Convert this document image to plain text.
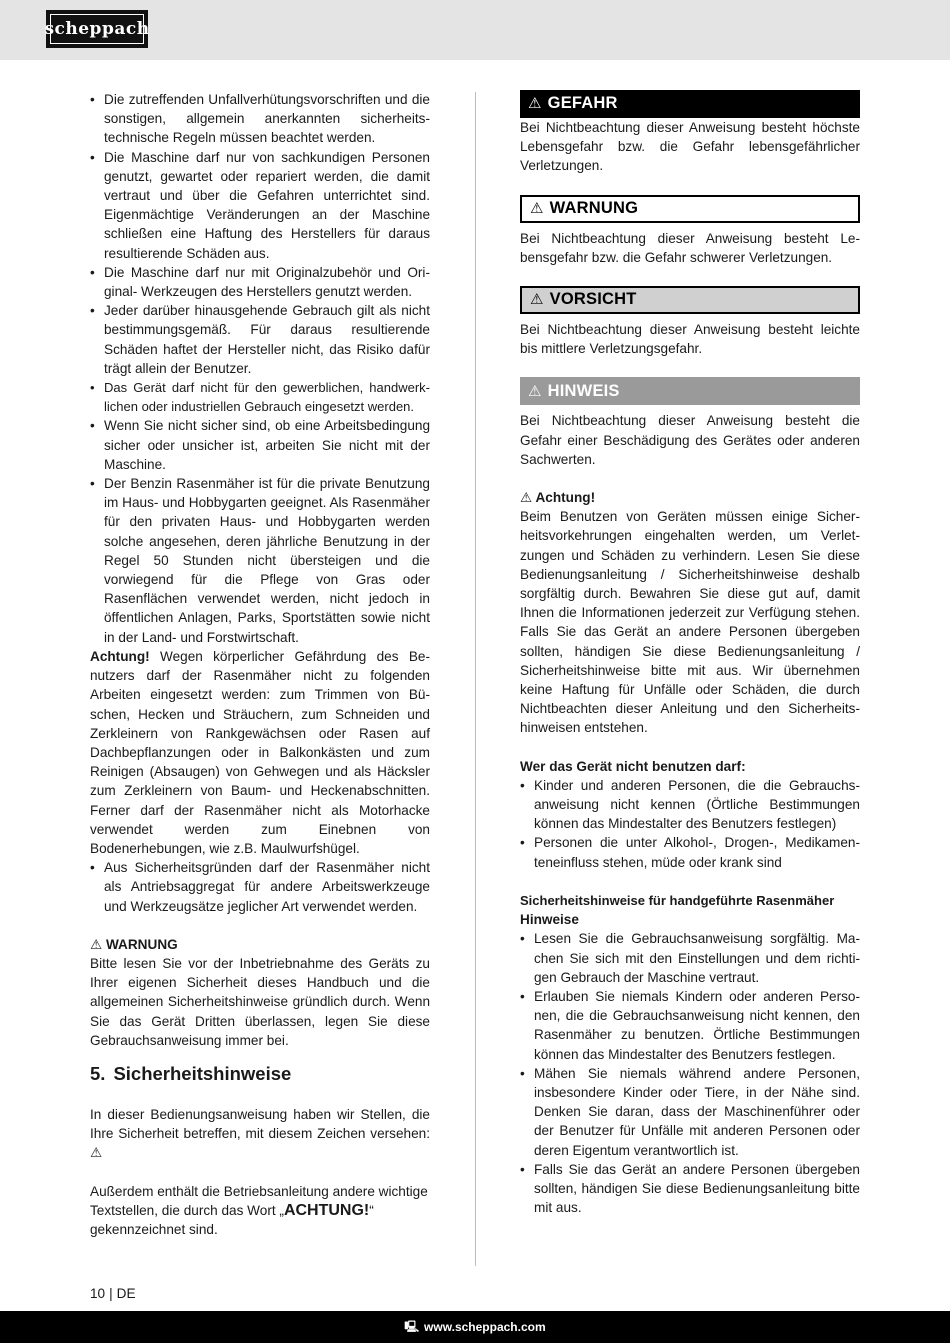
scheppach
• Die zutreffenden Unfallverhütungsvorschriften und die sonstigen, allgemein anerkannten sicherheitstechnische Regeln müssen beachtet werden.
• Die Maschine darf nur von sachkundigen Personen genutzt, gewartet oder repariert werden, die damit vertraut und über die Gefahren unterrichtet sind. Eigenmächtige Veränderungen an der Maschine schließen eine Haftung des Herstellers für daraus resultierende Schäden aus.
• Die Maschine darf nur mit Originalzubehör und Original- Werkzeugen des Herstellers genutzt werden.
• Jeder darüber hinausgehende Gebrauch gilt als nicht bestimmungsgemäß. Für daraus resultierende Schäden haftet der Hersteller nicht, das Risiko dafür trägt allein der Benutzer.
• Das Gerät darf nicht für den gewerblichen, handwerklichen oder industriellen Gebrauch eingesetzt werden.
• Wenn Sie nicht sicher sind, ob eine Arbeitsbedingung sicher oder unsicher ist, arbeiten Sie nicht mit der Maschine.
• Der Benzin Rasenmäher ist für die private Benutzung im Haus- und Hobbygarten geeignet. Als Rasenmäher für den privaten Haus- und Hobbygarten werden solche angesehen, deren jährliche Benutzung in der Regel 50 Stunden nicht übersteigen und die vorwiegend für die Pflege von Gras oder Rasenflächen verwendet werden, nicht jedoch in öffentlichen Anlagen, Parks, Sportstätten sowie nicht in der Land- und Forstwirtschaft.

Achtung! Wegen körperlicher Gefährdung des Benutzers darf der Rasenmäher nicht zu folgenden Arbeiten eingesetzt werden: zum Trimmen von Büschen, Hecken und Sträuchern, zum Schneiden und Zerkleinern von Rankgewächsen oder Rasen auf Dachbepflanzungen oder in Balkonkästen und zum Reinigen (Absaugen) von Gehwegen und als Häcksler zum Zerkleinern von Baum- und Heckenabschnitten. Ferner darf der Rasenmäher nicht als Motorhacke verwendet werden zum Einebnen von Bodenerhebungen, wie z.B. Maulwurfshügel.

• Aus Sicherheitsgründen darf der Rasenmäher nicht als Antriebsaggregat für andere Arbeitswerkzeuge und Werkzeugsätze jeglicher Art verwendet werden.
⚠ WARNUNG

Bitte lesen Sie vor der Inbetriebnahme des Geräts zu Ihrer eigenen Sicherheit dieses Handbuch und die allgemeinen Sicherheitshinweise gründlich durch. Wenn Sie das Gerät Dritten überlassen, legen Sie diese Gebrauchsanweisung immer bei.

5. Sicherheitshinweise

In dieser Bedienungsanweisung haben wir Stellen, die Ihre Sicherheit betreffen, mit diesem Zeichen versehen: ⚠

Außerdem enthält die Betriebsanleitung andere wichtige Textstellen, die durch das Wort „ACHTUNG!“ gekennzeichnet sind.

⚠ GEFAHR

Bei Nichtbeachtung dieser Anweisung besteht höchste Lebensgefahr bzw. die Gefahr lebensgefährlicher Verletzungen.

⚠ WARNUNG

Bei Nichtbeachtung dieser Anweisung besteht Lebensgefahr bzw. die Gefahr schwerer Verletzungen.

⚠ VORSICHT

Bei Nichtbeachtung dieser Anweisung besteht leichte bis mittlere Verletzungsgefahr.

⚠ HINWEIS

Bei Nichtbeachtung dieser Anweisung besteht die Gefahr einer Beschädigung des Gerätes oder anderen Sachwerten.

⚠ Achtung!

Beim Benutzen von Geräten müssen einige Sicherheitsvorkehrungen eingehalten werden, um Verletzungen und Schäden zu verhindern. Lesen Sie diese Bedienungsanleitung / Sicherheitshinweise deshalb sorgfältig durch. Bewahren Sie diese gut auf, damit Ihnen die Informationen jederzeit zur Verfügung stehen. Falls Sie das Gerät an andere Personen übergeben sollten, händigen Sie diese Bedienungsanleitung / Sicherheitshinweise bitte mit aus. Wir übernehmen keine Haftung für Unfälle oder Schäden, die durch Nichtbeachten dieser Anleitung und den Sicherheitshinweisen entstehen.

Wer das Gerät nicht benutzen darf:
• Kinder und anderen Personen, die die Gebrauchsanweisung nicht kennen (Örtliche Bestimmungen können das Mindestalter des Benutzers festlegen)
• Personen die unter Alkohol-, Drogen-, Medikamenteneinfluss stehen, müde oder krank sind
Sicherheitshinweise für handgeführte Rasenmäher
Hinweise
• Lesen Sie die Gebrauchsanweisung sorgfältig. Machen Sie sich mit den Einstellungen und dem richtigen Gebrauch der Maschine vertraut.
• Erlauben Sie niemals Kindern oder anderen Personen, die die Gebrauchsanweisung nicht kennen, den Rasenmäher zu benutzen. Örtliche Bestimmungen können das Mindestalter des Benutzers festlegen.
• Mähen Sie niemals während andere Personen, insbesondere Kinder oder Tiere, in der Nähe sind. Denken Sie daran, dass der Maschinenführer oder der Benutzer für Unfälle mit anderen Personen oder deren Eigentum verantwortlich ist.
• Falls Sie das Gerät an andere Personen übergeben sollten, händigen Sie diese Bedienungsanleitung bitte mit aus.
10 | DE
🖳 www.scheppach.com
